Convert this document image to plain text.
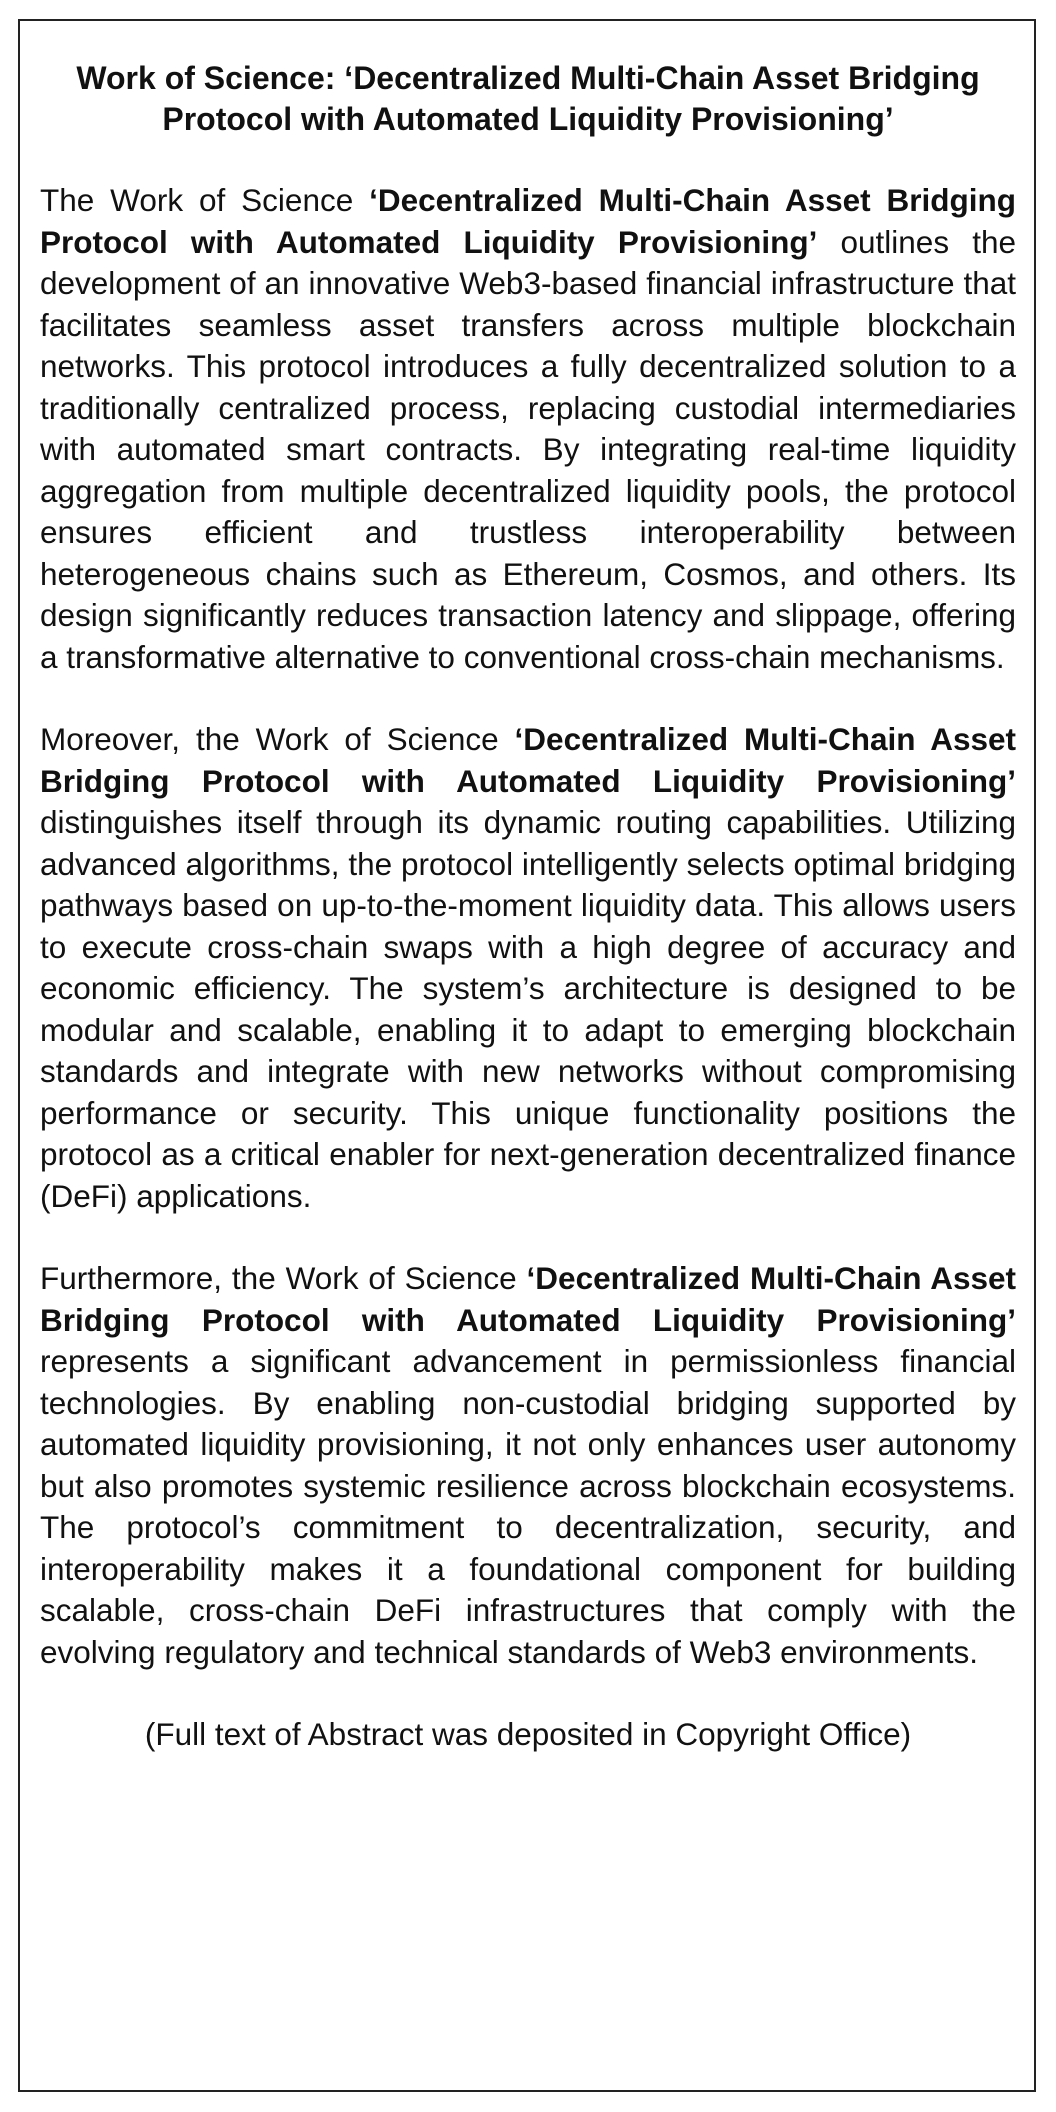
Work of Science: ‘Decentralized Multi-Chain Asset Bridging Protocol with Automated Liquidity Provisioning’

The Work of Science ‘Decentralized Multi-Chain Asset Bridging Protocol with Automated Liquidity Provisioning’ outlines the development of an innovative Web3-based financial infrastructure that facilitates seamless asset transfers across multiple blockchain networks. This protocol introduces a fully decentralized solution to a traditionally centralized process, replacing custodial intermediaries with automated smart contracts. By integrating real-time liquidity aggregation from multiple decentralized liquidity pools, the protocol ensures efficient and trustless interoperability between heterogeneous chains such as Ethereum, Cosmos, and others. Its design significantly reduces transaction latency and slippage, offering a transformative alternative to conventional cross-chain mechanisms.

Moreover, the Work of Science ‘Decentralized Multi-Chain Asset Bridging Protocol with Automated Liquidity Provisioning’ distinguishes itself through its dynamic routing capabilities. Utilizing advanced algorithms, the protocol intelligently selects optimal bridging pathways based on up-to-the-moment liquidity data. This allows users to execute cross-chain swaps with a high degree of accuracy and economic efficiency. The system’s architecture is designed to be modular and scalable, enabling it to adapt to emerging blockchain standards and integrate with new networks without compromising performance or security. This unique functionality positions the protocol as a critical enabler for next-generation decentralized finance (DeFi) applications.

Furthermore, the Work of Science ‘Decentralized Multi-Chain Asset Bridging Protocol with Automated Liquidity Provisioning’ represents a significant advancement in permissionless financial technologies. By enabling non-custodial bridging supported by automated liquidity provisioning, it not only enhances user autonomy but also promotes systemic resilience across blockchain ecosystems. The protocol’s commitment to decentralization, security, and interoperability makes it a foundational component for building scalable, cross-chain DeFi infrastructures that comply with the evolving regulatory and technical standards of Web3 environments.

(Full text of Abstract was deposited in Copyright Office)
